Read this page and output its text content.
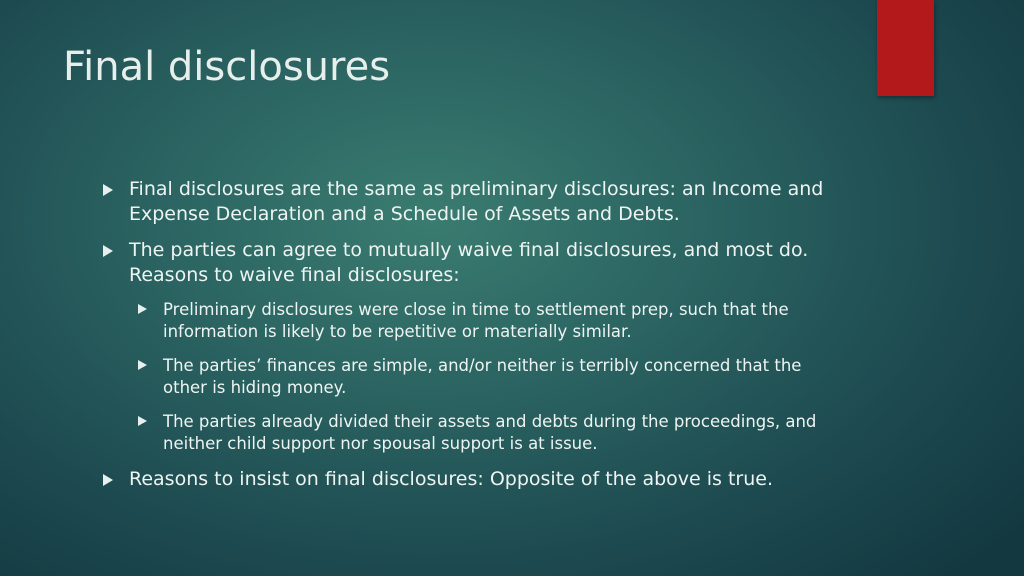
Final disclosures
Final disclosures are the same as preliminary disclosures: an Income and Expense Declaration and a Schedule of Assets and Debts.
The parties can agree to mutually waive final disclosures, and most do. Reasons to waive final disclosures:
Preliminary disclosures were close in time to settlement prep, such that the information is likely to be repetitive or materially similar.
The parties’ finances are simple, and/or neither is terribly concerned that the other is hiding money.
The parties already divided their assets and debts during the proceedings, and neither child support nor spousal support is at issue.
Reasons to insist on final disclosures: Opposite of the above is true.
